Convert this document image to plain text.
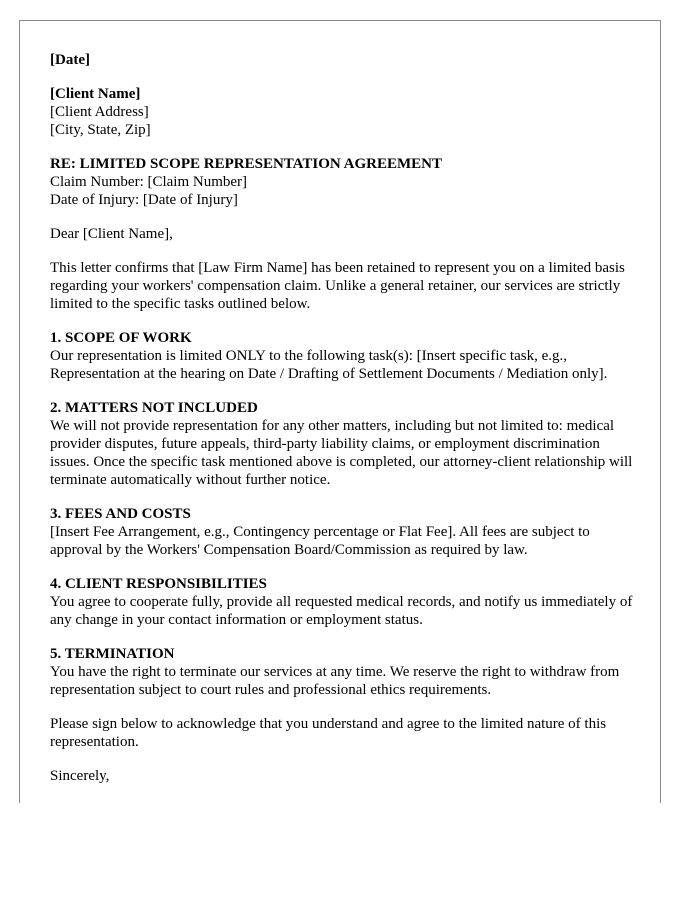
[Date]
[Client Name]
[Client Address]
[City, State, Zip]
RE: LIMITED SCOPE REPRESENTATION AGREEMENT
Claim Number: [Claim Number]
Date of Injury: [Date of Injury]
Dear [Client Name],

This letter confirms that [Law Firm Name] has been retained to represent you on a limited basis regarding your workers' compensation claim. Unlike a general retainer, our services are strictly limited to the specific tasks outlined below.

1. SCOPE OF WORK
Our representation is limited ONLY to the following task(s): [Insert specific task, e.g., Representation at the hearing on Date / Drafting of Settlement Documents / Mediation only].
2. MATTERS NOT INCLUDED
We will not provide representation for any other matters, including but not limited to: medical provider disputes, future appeals, third-party liability claims, or employment discrimination issues. Once the specific task mentioned above is completed, our attorney-client relationship will terminate automatically without further notice.
3. FEES AND COSTS
[Insert Fee Arrangement, e.g., Contingency percentage or Flat Fee]. All fees are subject to approval by the Workers' Compensation Board/Commission as required by law.
4. CLIENT RESPONSIBILITIES
You agree to cooperate fully, provide all requested medical records, and notify us immediately of any change in your contact information or employment status.
5. TERMINATION
You have the right to terminate our services at any time. We reserve the right to withdraw from representation subject to court rules and professional ethics requirements.

Please sign below to acknowledge that you understand and agree to the limited nature of this representation.

Sincerely,
